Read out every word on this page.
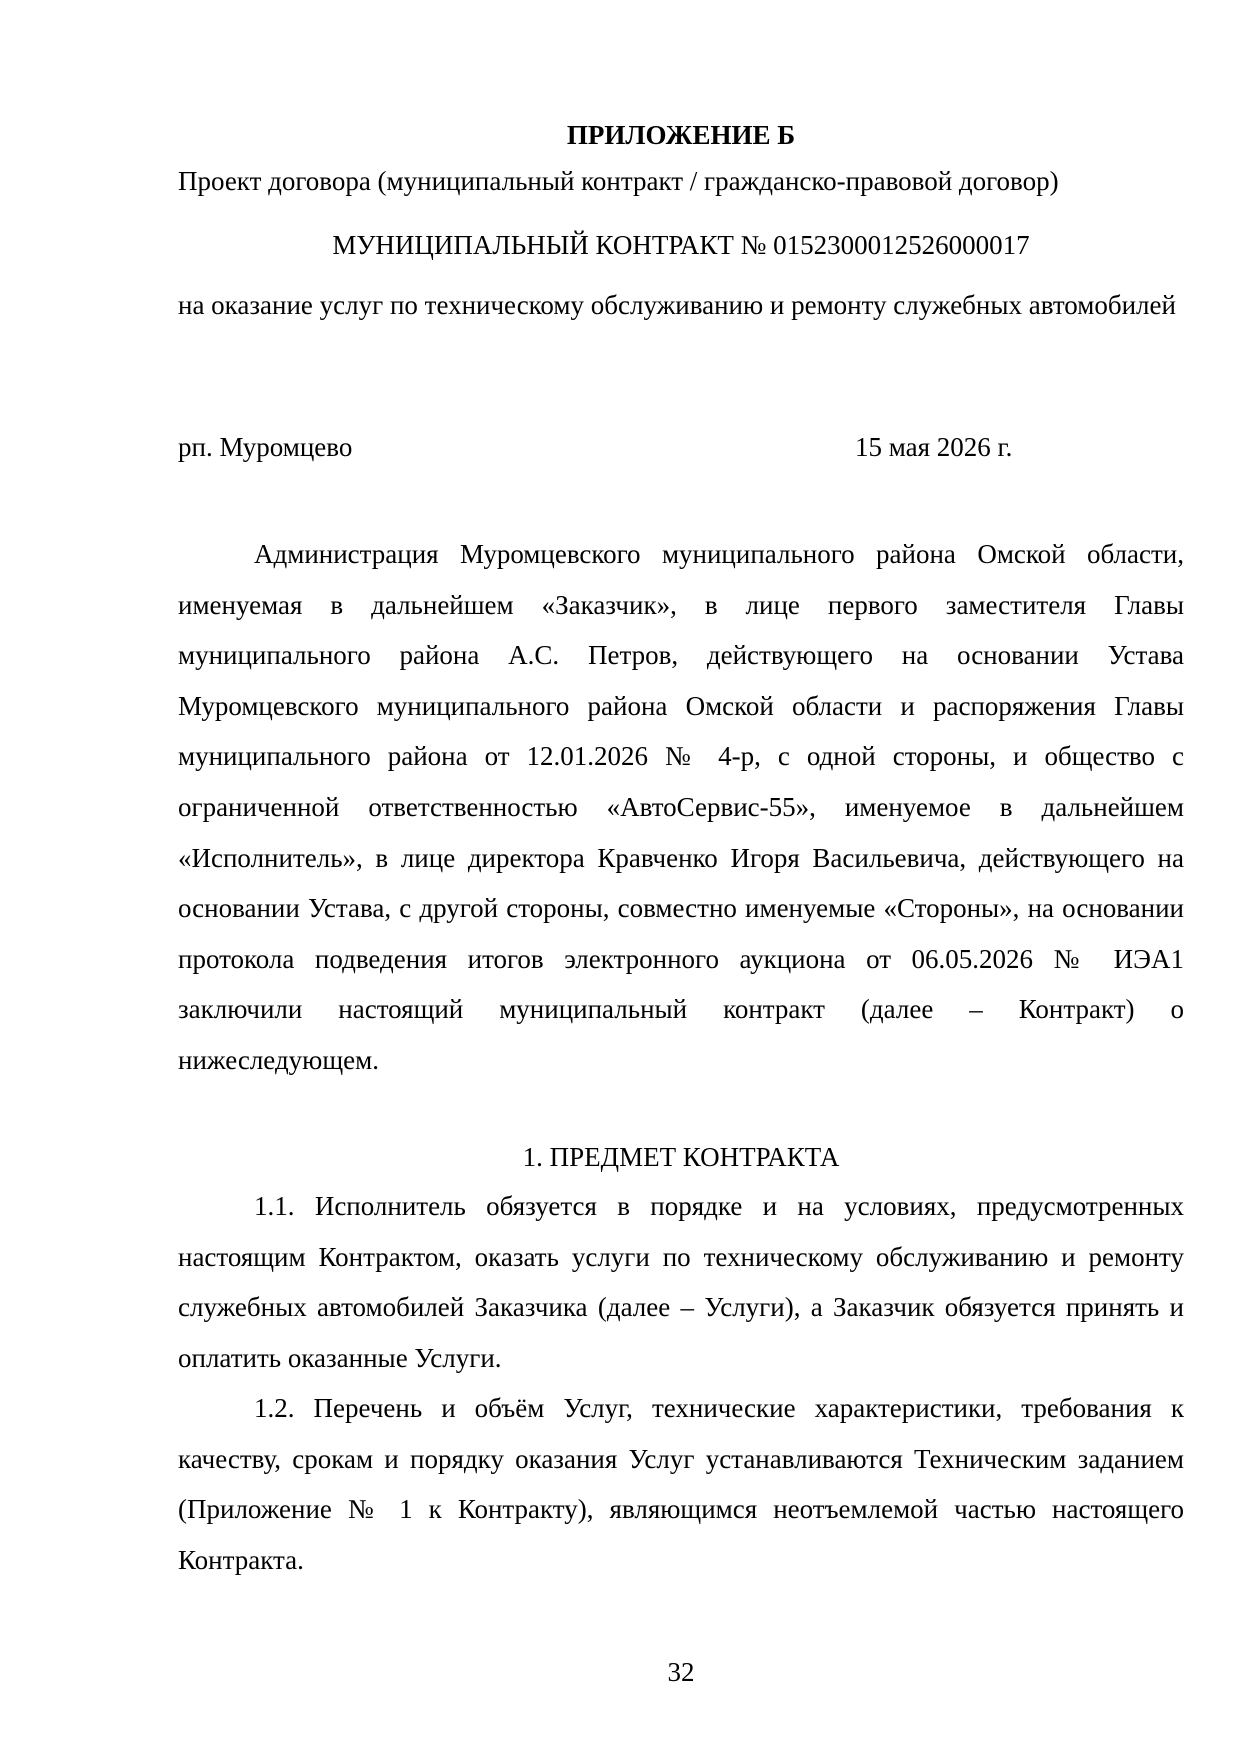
ПРИЛОЖЕНИЕ Б
Проект договора (муниципальный контракт / гражданско-правовой договор)
МУНИЦИПАЛЬНЫЙ КОНТРАКТ № 0152300012526000017
на оказание услуг по техническому обслуживанию и ремонту служебных автомобилей
рп. Муромцево	15 мая 2026 г.

Администрация Муромцевского муниципального района Омской области, именуемая в дальнейшем «Заказчик», в лице первого заместителя Главы муниципального района А.С. Петров, действующего на основании Устава Муромцевского муниципального района Омской области и распоряжения Главы муниципального района от 12.01.2026 № 4-р, с одной стороны, и общество с ограниченной ответственностью «АвтоСервис-55», именуемое в дальнейшем «Исполнитель», в лице директора Кравченко Игоря Васильевича, действующего на основании Устава, с другой стороны, совместно именуемые «Стороны», на основании протокола подведения итогов электронного аукциона от 06.05.2026 № ИЭА1 заключили настоящий муниципальный контракт (далее – Контракт) о нижеследующем.

1. ПРЕДМЕТ КОНТРАКТА

1.1. Исполнитель обязуется в порядке и на условиях, предусмотренных настоящим Контрактом, оказать услуги по техническому обслуживанию и ремонту служебных автомобилей Заказчика (далее – Услуги), а Заказчик обязуется принять и оплатить оказанные Услуги.

1.2. Перечень и объём Услуг, технические характеристики, требования к качеству, срокам и порядку оказания Услуг устанавливаются Техническим заданием (Приложение № 1 к Контракту), являющимся неотъемлемой частью настоящего Контракта.

32
